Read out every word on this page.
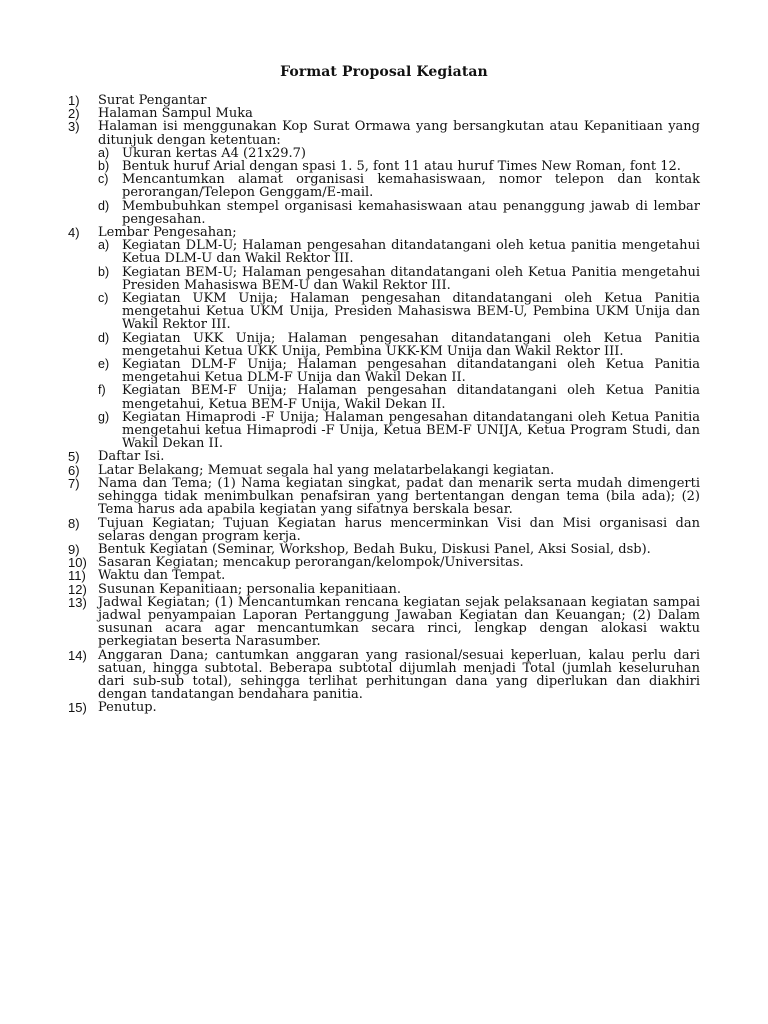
Format Proposal Kegiatan
1) Surat Pengantar
2) Halaman Sampul Muka
3) Halaman isi menggunakan Kop Surat Ormawa yang bersangkutan atau Kepanitiaan yang ditunjuk dengan ketentuan:
a) Ukuran kertas A4 (21x29.7)
b) Bentuk huruf Arial dengan spasi 1. 5, font 11 atau huruf Times New Roman, font 12.
c) Mencantumkan alamat organisasi kemahasiswaan, nomor telepon dan kontak perorangan/Telepon Genggam/E-mail.
d) Membubuhkan stempel organisasi kemahasiswaan atau penanggung jawab di lembar pengesahan.
4) Lembar Pengesahan;
a) Kegiatan DLM-U; Halaman pengesahan ditandatangani oleh ketua panitia mengetahui Ketua DLM-U dan Wakil Rektor III.
b) Kegiatan BEM-U; Halaman pengesahan ditandatangani oleh Ketua Panitia mengetahui Presiden Mahasiswa BEM-U dan Wakil Rektor III.
c) Kegiatan UKM Unija; Halaman pengesahan ditandatangani oleh Ketua Panitia mengetahui Ketua UKM Unija, Presiden Mahasiswa BEM-U, Pembina UKM Unija dan Wakil Rektor III.
d) Kegiatan UKK Unija; Halaman pengesahan ditandatangani oleh Ketua Panitia mengetahui Ketua UKK Unija, Pembina UKK-KM Unija dan Wakil Rektor III.
e) Kegiatan DLM-F Unija; Halaman pengesahan ditandatangani oleh Ketua Panitia mengetahui Ketua DLM-F Unija dan Wakil Dekan II.
f) Kegiatan BEM-F Unija; Halaman pengesahan ditandatangani oleh Ketua Panitia mengetahui, Ketua BEM-F Unija, Wakil Dekan II.
g) Kegiatan Himaprodi -F Unija; Halaman pengesahan ditandatangani oleh Ketua Panitia mengetahui ketua Himaprodi -F Unija, Ketua BEM-F UNIJA, Ketua Program Studi, dan Wakil Dekan II.
5) Daftar Isi.
6) Latar Belakang; Memuat segala hal yang melatarbelakangi kegiatan.
7) Nama dan Tema; (1) Nama kegiatan singkat, padat dan menarik serta mudah dimengerti sehingga tidak menimbulkan penafsiran yang bertentangan dengan tema (bila ada); (2) Tema harus ada apabila kegiatan yang sifatnya berskala besar.
8) Tujuan Kegiatan; Tujuan Kegiatan harus mencerminkan Visi dan Misi organisasi dan selaras dengan program kerja.
9) Bentuk Kegiatan (Seminar, Workshop, Bedah Buku, Diskusi Panel, Aksi Sosial, dsb).
10) Sasaran Kegiatan; mencakup perorangan/kelompok/Universitas.
11) Waktu dan Tempat.
12) Susunan Kepanitiaan; personalia kepanitiaan.
13) Jadwal Kegiatan; (1) Mencantumkan rencana kegiatan sejak pelaksanaan kegiatan sampai jadwal penyampaian Laporan Pertanggung Jawaban Kegiatan dan Keuangan; (2) Dalam susunan acara agar mencantumkan secara rinci, lengkap dengan alokasi waktu perkegiatan beserta Narasumber.
14) Anggaran Dana; cantumkan anggaran yang rasional/sesuai keperluan, kalau perlu dari satuan, hingga subtotal. Beberapa subtotal dijumlah menjadi Total (jumlah keseluruhan dari sub-sub total), sehingga terlihat perhitungan dana yang diperlukan dan diakhiri dengan tandatangan bendahara panitia.
15) Penutup.
